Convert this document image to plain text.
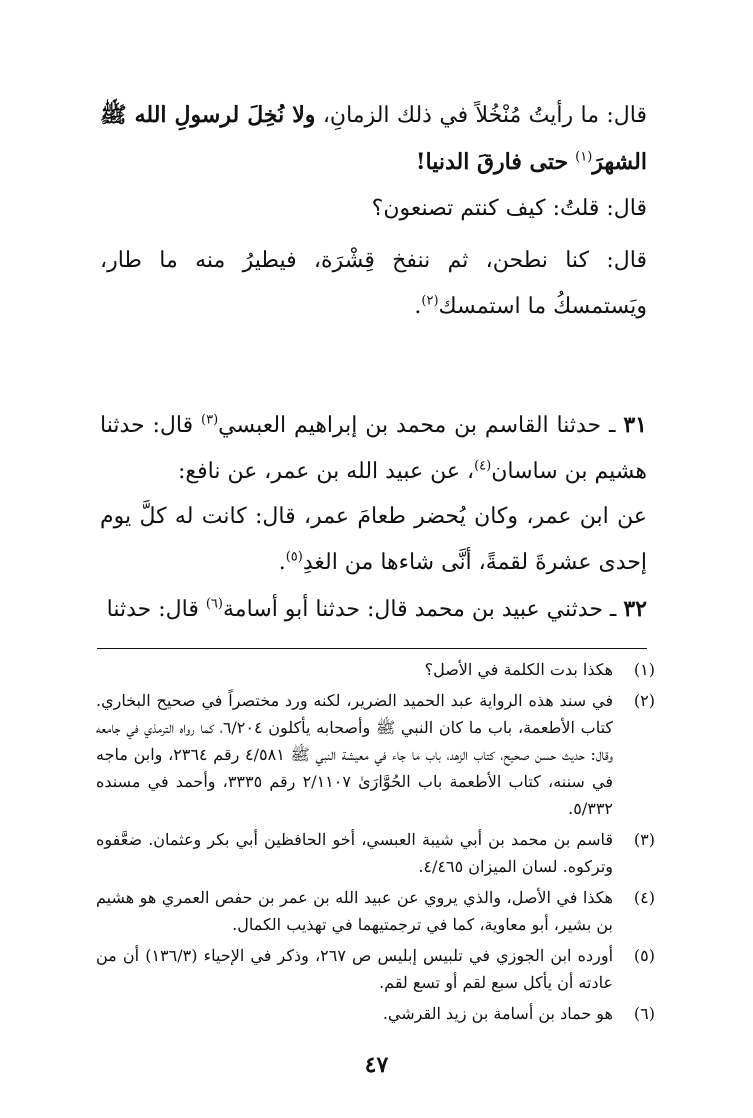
قال: ما رأيتُ مُنْخُلاً في ذلك الزمانِ، ولا نُخِلَ لرسولِ الله ﷺ الشهرَ$^{(١)}$ حتى فارقَ الدنيا!

قال: قلتُ: كيف كنتم تصنعون؟

قال: كنا نطحن، ثم ننفخ قِشْرَة، فيطيرُ منه ما طار، ويَستمسكُ ما استمسك$^{(٢)}$.

٣١ ـ حدثنا القاسم بن محمد بن إبراهيم العبسي$^{(٣)}$ قال: حدثنا هشيم بن ساسان$^{(٤)}$، عن عبيد الله بن عمر، عن نافع:

عن ابن عمر، وكان يُحضر طعامَ عمر، قال: كانت له كلَّ يوم إحدى عشرةَ لقمةً، أنَّى شاءها من الغدِ$^{(٥)}$.

٣٢ ـ حدثني عبيد بن محمد قال: حدثنا أبو أسامة$^{(٦)}$ قال: حدثنا

(١)
هكذا بدت الكلمة في الأصل؟
(٢)
في سند هذه الرواية عبد الحميد الضرير، لكنه ورد مختصراً في صحيح البخاري. كتاب الأطعمة، باب ما كان النبي ﷺ وأصحابه يأكلون ٦/٢٠٤، كما رواه الترمذي في جامعه وقال: حديث حسن صحيح، كتاب الزهد، باب ما جاء في معيشة النبي ﷺ ٤/٥٨١ رقم ٢٣٦٤، وابن ماجه في سننه، كتاب الأطعمة باب الحُوَّارَىٰ ٢/١١٠٧ رقم ٣٣٣٥، وأحمد في مسنده ٥/٣٣٢.
(٣)
قاسم بن محمد بن أبي شيبة العبسي، أخو الحافظين أبي بكر وعثمان. ضعَّفوه وتركوه. لسان الميزان ٤/٤٦٥.
(٤)
هكذا في الأصل، والذي يروي عن عبيد الله بن عمر بن حفص العمري هو هشيم بن بشير، أبو معاوية، كما في ترجمتيهما في تهذيب الكمال.
(٥)
أورده ابن الجوزي في تلبيس إبليس ص ٢٦٧، وذكر في الإحياء (١٣٦/٣) أن من عادته أن يأكل سبع لقم أو تسع لقم.
(٦)
هو حماد بن أسامة بن زيد القرشي.
٤٧
